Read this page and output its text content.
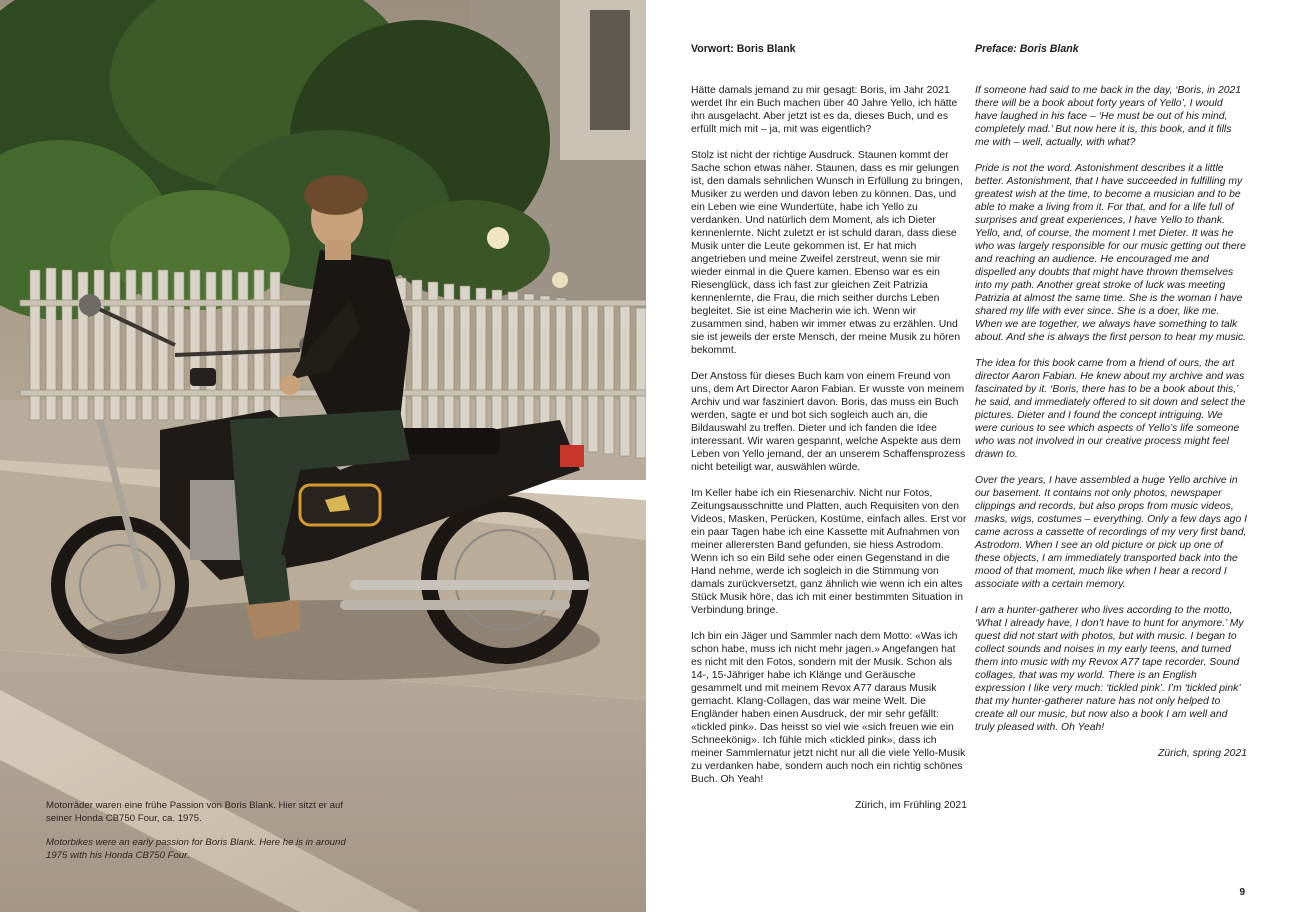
Motorräder waren eine frühe Passion von Boris Blank. Hier sitzt er auf seiner Honda CB750 Four, ca. 1975.

Motorbikes were an early passion for Boris Blank. Here he is in around 1975 with his Honda CB750 Four.

Vorwort: Boris Blank

Hätte damals jemand zu mir gesagt: Boris, im Jahr 2021 werdet Ihr ein Buch machen über 40 Jahre Yello, ich hätte ihn ausgelacht. Aber jetzt ist es da, dieses Buch, und es erfüllt mich mit – ja, mit was eigentlich?

Stolz ist nicht der richtige Ausdruck. Staunen kommt der Sache schon etwas näher. Staunen, dass es mir gelungen ist, den damals sehnlichen Wunsch in Erfüllung zu bringen, Musiker zu werden und davon leben zu können. Das, und ein Leben wie eine Wundertüte, habe ich Yello zu verdanken. Und natürlich dem Moment, als ich Dieter kennenlernte. Nicht zuletzt er ist schuld daran, dass diese Musik unter die Leute gekommen ist. Er hat mich angetrieben und meine Zweifel zerstreut, wenn sie mir wieder einmal in die Quere kamen. Ebenso war es ein Riesenglück, dass ich fast zur gleichen Zeit Patrizia kennenlernte, die Frau, die mich seither durchs Leben begleitet. Sie ist eine Macherin wie ich. Wenn wir zusammen sind, haben wir immer etwas zu erzählen. Und sie ist jeweils der erste Mensch, der meine Musik zu hören bekommt.

Der Anstoss für dieses Buch kam von einem Freund von uns, dem Art Director Aaron Fabian. Er wusste von meinem Archiv und war fasziniert davon. Boris, das muss ein Buch werden, sagte er und bot sich sogleich auch an, die Bildauswahl zu treffen. Dieter und ich fanden die Idee interessant. Wir waren gespannt, welche Aspekte aus dem Leben von Yello jemand, der an unserem Schaffensprozess nicht beteiligt war, auswählen würde.

Im Keller habe ich ein Riesenarchiv. Nicht nur Fotos, Zeitungsausschnitte und Platten, auch Requisiten von den Videos, Masken, Perücken, Kostüme, einfach alles. Erst vor ein paar Tagen habe ich eine Kassette mit Aufnahmen von meiner allerersten Band gefunden, sie hiess Astrodom. Wenn ich so ein Bild sehe oder einen Gegenstand in die Hand nehme, werde ich sogleich in die Stimmung von damals zurückversetzt, ganz ähnlich wie wenn ich ein altes Stück Musik höre, das ich mit einer bestimmten Situation in Verbindung bringe.

Ich bin ein Jäger und Sammler nach dem Motto: «Was ich schon habe, muss ich nicht mehr jagen.» Angefangen hat es nicht mit den Fotos, sondern mit der Musik. Schon als 14-, 15-Jähriger habe ich Klänge und Geräusche gesammelt und mit meinem Revox A77 daraus Musik gemacht. Klang-Collagen, das war meine Welt. Die Engländer haben einen Ausdruck, der mir sehr gefällt: «tickled pink». Das heisst so viel wie «sich freuen wie ein Schneekönig». Ich fühle mich «tickled pink», dass ich meiner Sammlernatur jetzt nicht nur all die viele Yello-Musik zu verdanken habe, sondern auch noch ein richtig schönes Buch. Oh Yeah!

Zürich, im Frühling 2021

Preface: Boris Blank

If someone had said to me back in the day, ‘Boris, in 2021 there will be a book about forty years of Yello’, I would have laughed in his face – ‘He must be out of his mind, completely mad.’ But now here it is, this book, and it fills me with – well, actually, with what?

Pride is not the word. Astonishment describes it a little better. Astonishment, that I have succeeded in fulfilling my greatest wish at the time, to become a musician and to be able to make a living from it. For that, and for a life full of surprises and great experiences, I have Yello to thank. Yello, and, of course, the moment I met Dieter. It was he who was largely responsible for our music getting out there and reaching an audience. He encouraged me and dispelled any doubts that might have thrown themselves into my path. Another great stroke of luck was meeting Patrizia at almost the same time. She is the woman I have shared my life with ever since. She is a doer, like me. When we are together, we always have something to talk about. And she is always the first person to hear my music.

The idea for this book came from a friend of ours, the art director Aaron Fabian. He knew about my archive and was fascinated by it. ‘Boris, there has to be a book about this,’ he said, and immediately offered to sit down and select the pictures. Dieter and I found the concept intriguing. We were curious to see which aspects of Yello’s life someone who was not involved in our creative process might feel drawn to.

Over the years, I have assembled a huge Yello archive in our basement. It contains not only photos, newspaper clippings and records, but also props from music videos, masks, wigs, costumes – everything. Only a few days ago I came across a cassette of recordings of my very first band, Astrodom. When I see an old picture or pick up one of these objects, I am immediately transported back into the mood of that moment, much like when I hear a record I associate with a certain memory.

I am a hunter-gatherer who lives according to the motto, ‘What I already have, I don’t have to hunt for anymore.’ My quest did not start with photos, but with music. I began to collect sounds and noises in my early teens, and turned them into music with my Revox A77 tape recorder. Sound collages, that was my world. There is an English expression I like very much: ‘tickled pink’. I’m ‘tickled pink’ that my hunter-gatherer nature has not only helped to create all our music, but now also a book I am well and truly pleased with. Oh Yeah!

Zürich, spring 2021

9
